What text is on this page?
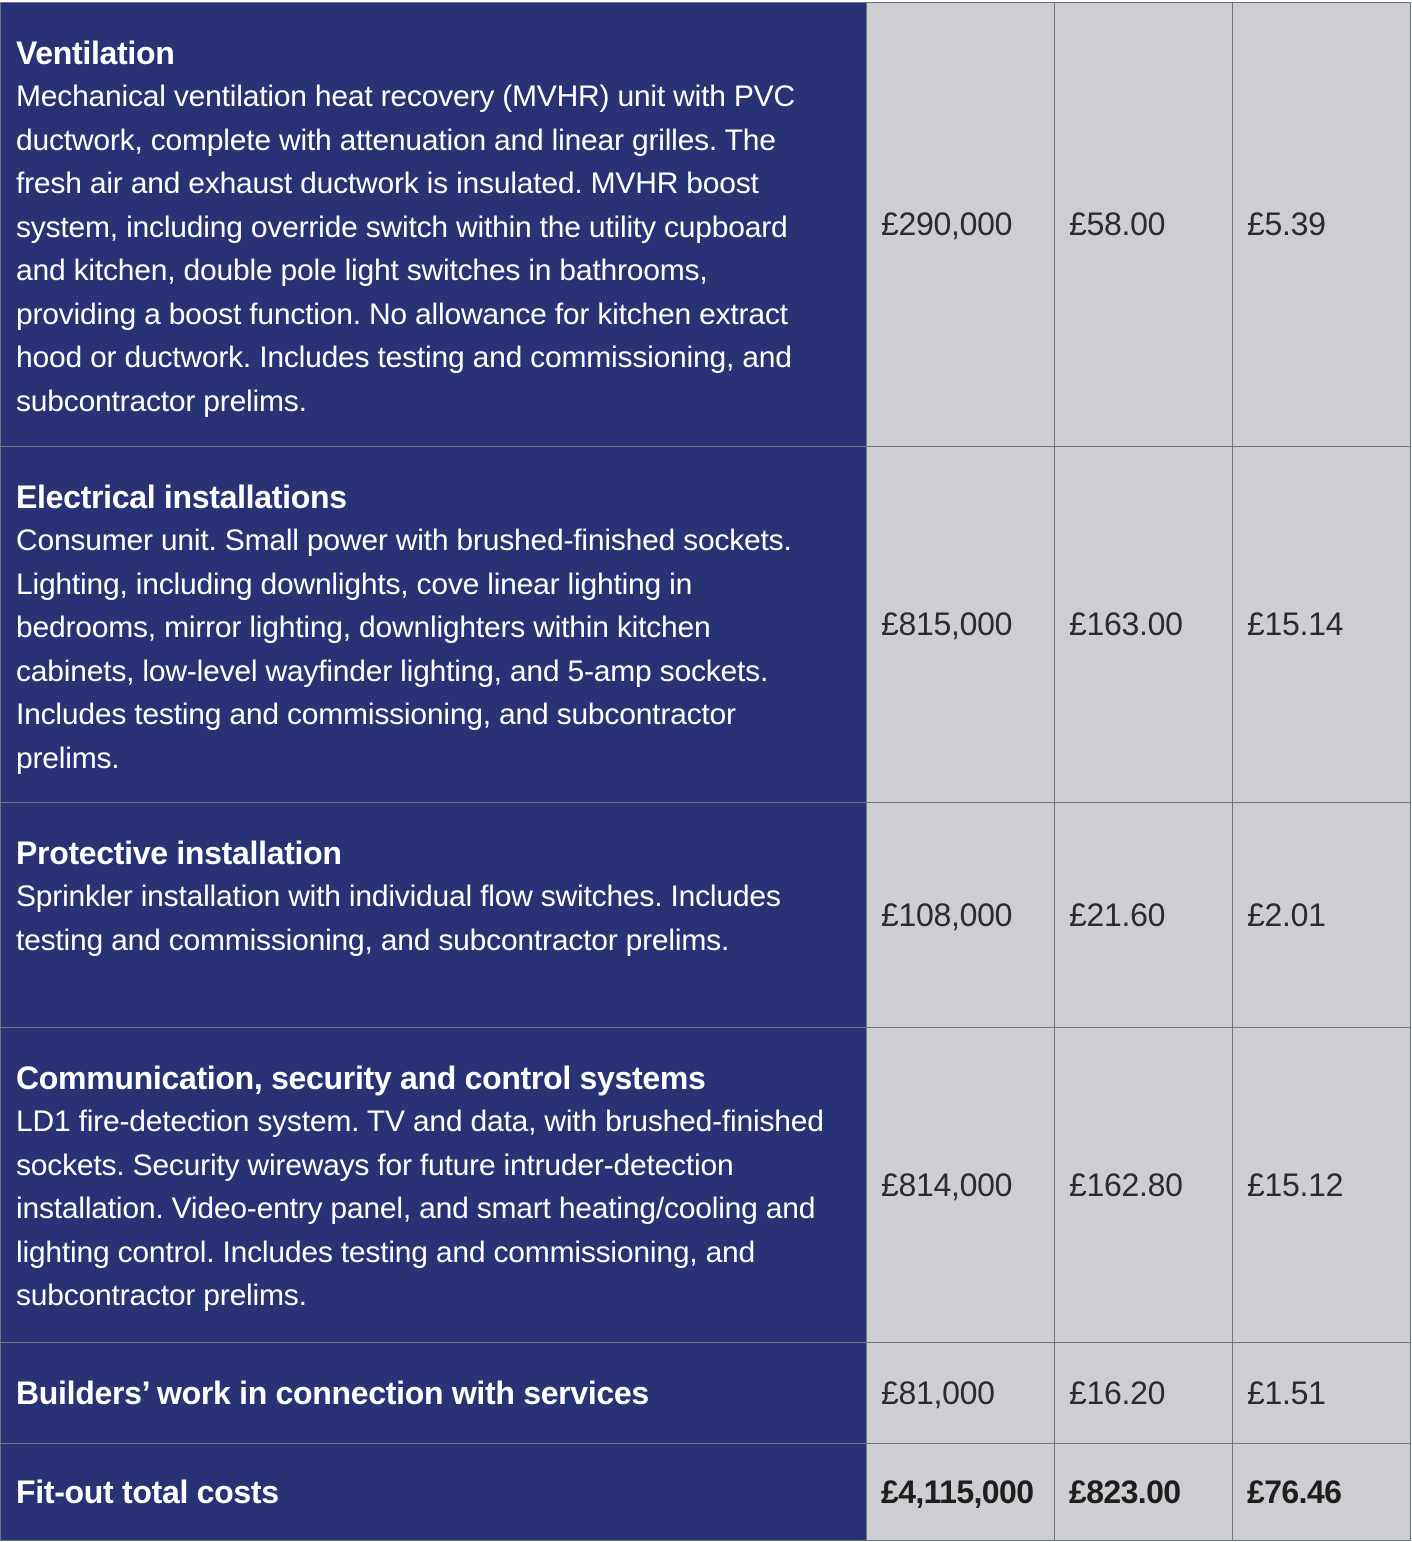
Ventilation
Mechanical ventilation heat recovery (MVHR) unit with PVC ductwork, complete with attenuation and linear grilles. The fresh air and exhaust ductwork is insulated. MVHR boost system, including override switch within the utility cupboard and kitchen, double pole light switches in bathrooms, providing a boost function. No allowance for kitchen extract hood or ductwork. Includes testing and commissioning, and subcontractor prelims.	£290,000	£58.00	£5.39

Electrical installations
Consumer unit. Small power with brushed-finished sockets. Lighting, including downlights, cove linear lighting in bedrooms, mirror lighting, downlighters within kitchen cabinets, low-level wayfinder lighting, and 5-amp sockets. Includes testing and commissioning, and subcontractor prelims.	£815,000	£163.00	£15.14

Protective installation
Sprinkler installation with individual flow switches. Includes testing and commissioning, and subcontractor prelims.	£108,000	£21.60	£2.01

Communication, security and control systems
LD1 fire-detection system. TV and data, with brushed-finished sockets. Security wireways for future intruder-detection installation. Video-entry panel, and smart heating/cooling and lighting control. Includes testing and commissioning, and subcontractor prelims.	£814,000	£162.80	£15.12

Builders’ work in connection with services	£81,000	£16.20	£1.51

Fit-out total costs	£4,115,000	£823.00	£76.46
